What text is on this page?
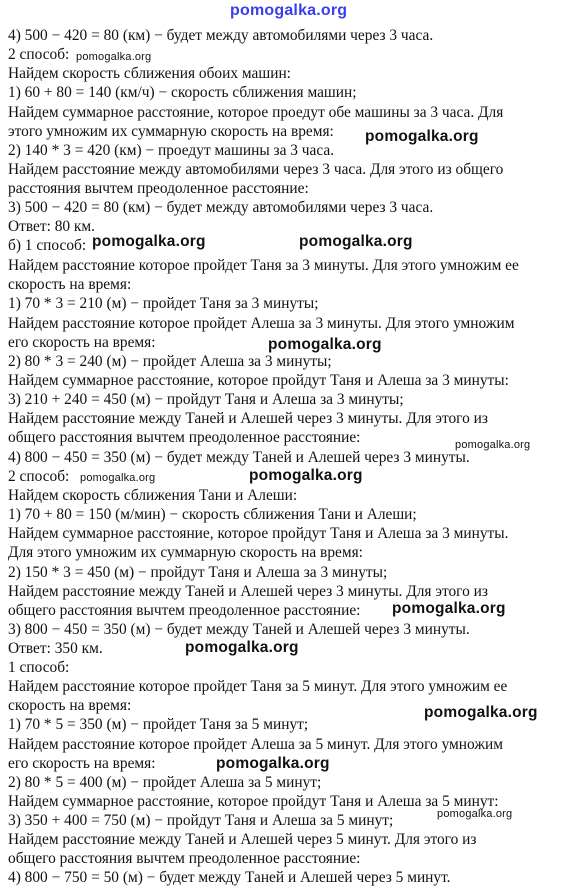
pomogalka.org
4) 500 − 420 = 80 (км) − будет между автомобилями через 3 часа.
2 способ:
Найдем скорость сближения обоих машин:
1) 60 + 80 = 140 (км/ч) − скорость сближения машин;
Найдем суммарное расстояние, которое проедут обе машины за 3 часа. Для
этого умножим их суммарную скорость на время:
2) 140 * 3 = 420 (км) − проедут машины за 3 часа.
Найдем расстояние между автомобилями через 3 часа. Для этого из общего
расстояния вычтем преодоленное расстояние:
3) 500 − 420 = 80 (км) − будет между автомобилями через 3 часа.
Ответ: 80 км.
б) 1 способ:
Найдем расстояние которое пройдет Таня за 3 минуты. Для этого умножим ее
скорость на время:
1) 70 * 3 = 210 (м) − пройдет Таня за 3 минуты;
Найдем расстояние которое пройдет Алеша за 3 минуты. Для этого умножим
его скорость на время:
2) 80 * 3 = 240 (м) − пройдет Алеша за 3 минуты;
Найдем суммарное расстояние, которое пройдут Таня и Алеша за 3 минуты:
3) 210 + 240 = 450 (м) − пройдут Таня и Алеша за 3 минуты;
Найдем расстояние между Таней и Алешей через 3 минуты. Для этого из
общего расстояния вычтем преодоленное расстояние:
4) 800 − 450 = 350 (м) − будет между Таней и Алешей через 3 минуты.
2 способ:
Найдем скорость сближения Тани и Алеши:
1) 70 + 80 = 150 (м/мин) − скорость сближения Тани и Алеши;
Найдем суммарное расстояние, которое пройдут Таня и Алеша за 3 минуты.
Для этого умножим их суммарную скорость на время:
2) 150 * 3 = 450 (м) − пройдут Таня и Алеша за 3 минуты;
Найдем расстояние между Таней и Алешей через 3 минуты. Для этого из
общего расстояния вычтем преодоленное расстояние:
3) 800 − 450 = 350 (м) − будет между Таней и Алешей через 3 минуты.
Ответ: 350 км.
1 способ:
Найдем расстояние которое пройдет Таня за 5 минут. Для этого умножим ее
скорость на время:
1) 70 * 5 = 350 (м) − пройдет Таня за 5 минут;
Найдем расстояние которое пройдет Алеша за 5 минут. Для этого умножим
его скорость на время:
2) 80 * 5 = 400 (м) − пройдет Алеша за 5 минут;
Найдем суммарное расстояние, которое пройдут Таня и Алеша за 5 минут:
3) 350 + 400 = 750 (м) − пройдут Таня и Алеша за 5 минут;
Найдем расстояние между Таней и Алешей через 5 минут. Для этого из
общего расстояния вычтем преодоленное расстояние:
4) 800 − 750 = 50 (м) − будет между Таней и Алешей через 5 минут.
pomogalka.org
pomogalka.org
pomogalka.org	pomogalka.org
pomogalka.org
pomogalka.org
pomogalka.org	pomogalka.org
pomogalka.org
pomogalka.org
pomogalka.org
pomogalka.org
pomogalka.org
